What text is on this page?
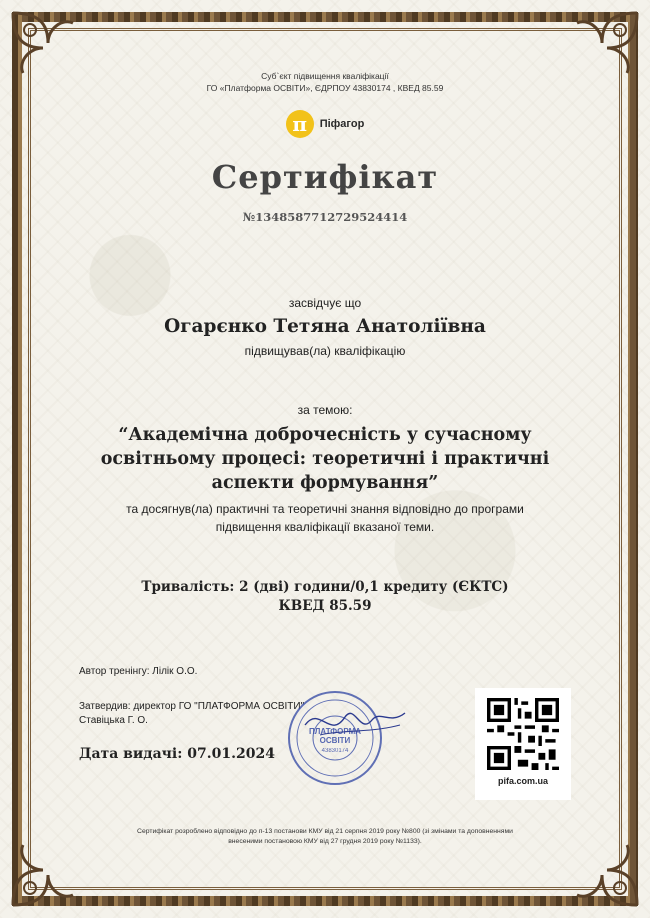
Суб`єкт підвищення кваліфікації
ГО «Платформа ОСВІТИ», ЄДРПОУ 43830174 , КВЕД 85.59
π	Піфагор
Сертифікат
№1348587712729524414
засвідчує що
Огарєнко Тетяна Анатоліївна
підвищував(ла) кваліфікацію
за темою:
“Академічна доброчесність у сучасному
освітньому процесі: теоретичні і практичні
аспекти формування”
та досягнув(ла) практичні та теоретичні знання відповідно до програми
підвищення кваліфікації вказаної теми.
Тривалість: 2 (дві) години/0,1 кредиту (ЄКТС)
КВЕД 85.59
Автор тренінгу: Лілік О.О.
Затвердив: директор ГО "ПЛАТФОРМА ОСВІТИ"
Ставіцька Г. О.
Дата видачі: 07.01.2024
ПЛАТФОРМА
ОСВІТИ
43830174
pifa.com.ua
Сертифікат розроблено відповідно до п-13 постанови КМУ від 21 серпня 2019 року №800 (зі змінами та доповненнями
внесеними постановою КМУ від 27 грудня 2019 року №1133).
